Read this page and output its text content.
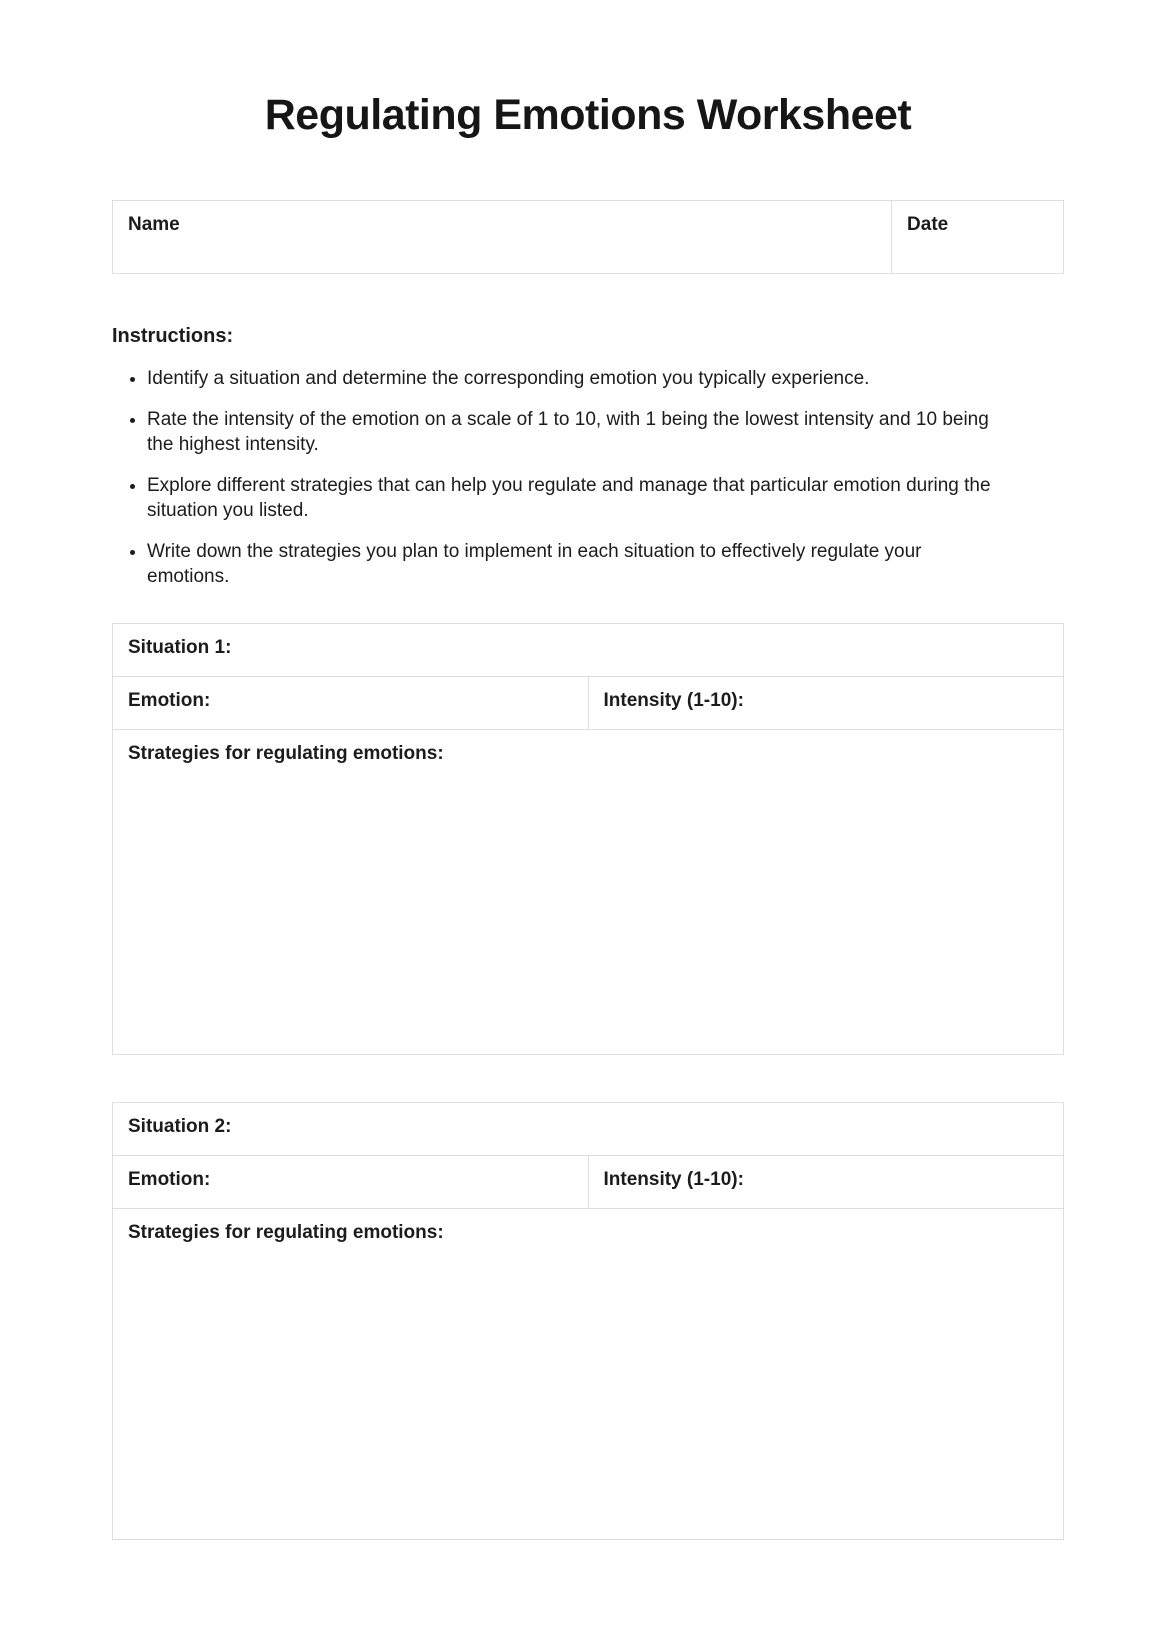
Regulating Emotions Worksheet
Name	Date
Instructions:
• Identify a situation and determine the corresponding emotion you typically experience.
• Rate the intensity of the emotion on a scale of 1 to 10, with 1 being the lowest intensity and 10 being the highest intensity.
• Explore different strategies that can help you regulate and manage that particular emotion during the situation you listed.
• Write down the strategies you plan to implement in each situation to effectively regulate your emotions.
Situation 1:

Emotion:	Intensity (1-10):

Strategies for regulating emotions:
Situation 2:

Emotion:	Intensity (1-10):

Strategies for regulating emotions:
